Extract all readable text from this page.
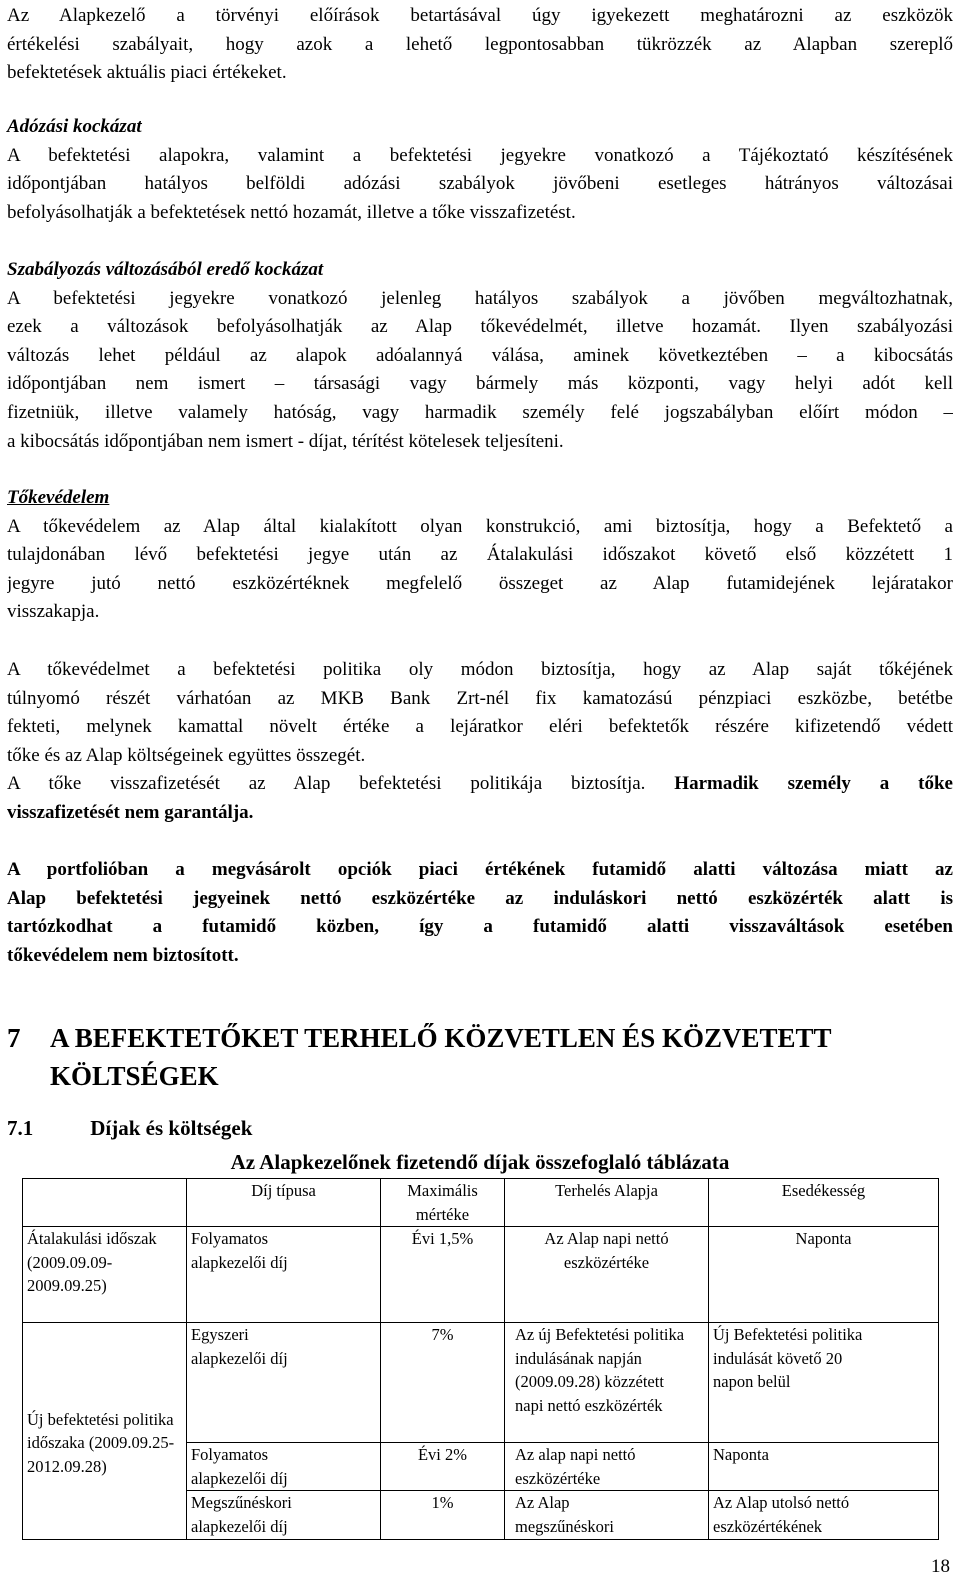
Az Alapkezelő a törvényi előírások betartásával úgy igyekezett meghatározni az eszközök

értékelési szabályait, hogy azok a lehető legpontosabban tükrözzék az Alapban szereplő

befektetések aktuális piaci értékeket.

Adózási kockázat

A befektetési alapokra, valamint a befektetési jegyekre vonatkozó a Tájékoztató készítésének

időpontjában hatályos belföldi adózási szabályok jövőbeni esetleges hátrányos változásai

befolyásolhatják a befektetések nettó hozamát, illetve a tőke visszafizetést.

Szabályozás változásából eredő kockázat

A befektetési jegyekre vonatkozó jelenleg hatályos szabályok a jövőben megváltozhatnak,

ezek a változások befolyásolhatják az Alap tőkevédelmét, illetve hozamát. Ilyen szabályozási

változás lehet például az alapok adóalannyá válása, aminek következtében – a kibocsátás

időpontjában nem ismert – társasági vagy bármely más központi, vagy helyi adót kell

fizetniük, illetve valamely hatóság, vagy harmadik személy felé jogszabályban előírt módon –

a kibocsátás időpontjában nem ismert - díjat, térítést kötelesek teljesíteni.

Tőkevédelem

A tőkevédelem az Alap által kialakított olyan konstrukció, ami biztosítja, hogy a Befektető a

tulajdonában lévő befektetési jegye után az Átalakulási időszakot követő első közzétett 1

jegyre jutó nettó eszközértéknek megfelelő összeget az Alap futamidejének lejáratakor

visszakapja.

A tőkevédelmet a befektetési politika oly módon biztosítja, hogy az Alap saját tőkéjének

túlnyomó részét várhatóan az MKB Bank Zrt-nél fix kamatozású pénzpiaci eszközbe, betétbe

fekteti, melynek kamattal növelt értéke a lejáratkor eléri befektetők részére kifizetendő védett

tőke és az Alap költségeinek együttes összegét.

A tőke visszafizetését az Alap befektetési politikája biztosítja. Harmadik személy a tőke

visszafizetését nem garantálja.

A portfolióban a megvásárolt opciók piaci értékének futamidő alatti változása miatt az

Alap befektetési jegyeinek nettó eszközértéke az induláskori nettó eszközérték alatt is

tartózkodhat a futamidő közben, így a futamidő alatti visszaváltások esetében

tőkevédelem nem biztosított.

7 A BEFEKTETŐKET TERHELŐ KÖZVETLEN ÉS KÖZVETETT
KÖLTSÉGEK
7.1	Díjak és költségek
Az Alapkezelőnek fizetendő díjak összefoglaló táblázata
	Díj típusa	Maximális mértéke	Terhelés Alapja	Esedékesség
Átalakulási időszak (2009.09.09-2009.09.25)	Folyamatos alapkezelői díj	Évi 1,5%	Az Alap napi nettó eszközértéke	Naponta
Új befektetési politika időszaka (2009.09.25-2012.09.28)	Egyszeri alapkezelői díj	7%	Az új Befektetési politika indulásának napján (2009.09.28) közzétett napi nettó eszközérték	Új Befektetési politika indulását követő 20 napon belül
	Folyamatos alapkezelői díj	Évi 2%	Az alap napi nettó eszközértéke	Naponta
	Megszűnéskori alapkezelői díj	1%	Az Alap megszűnéskori	Az Alap utolsó nettó eszközértékének
18
